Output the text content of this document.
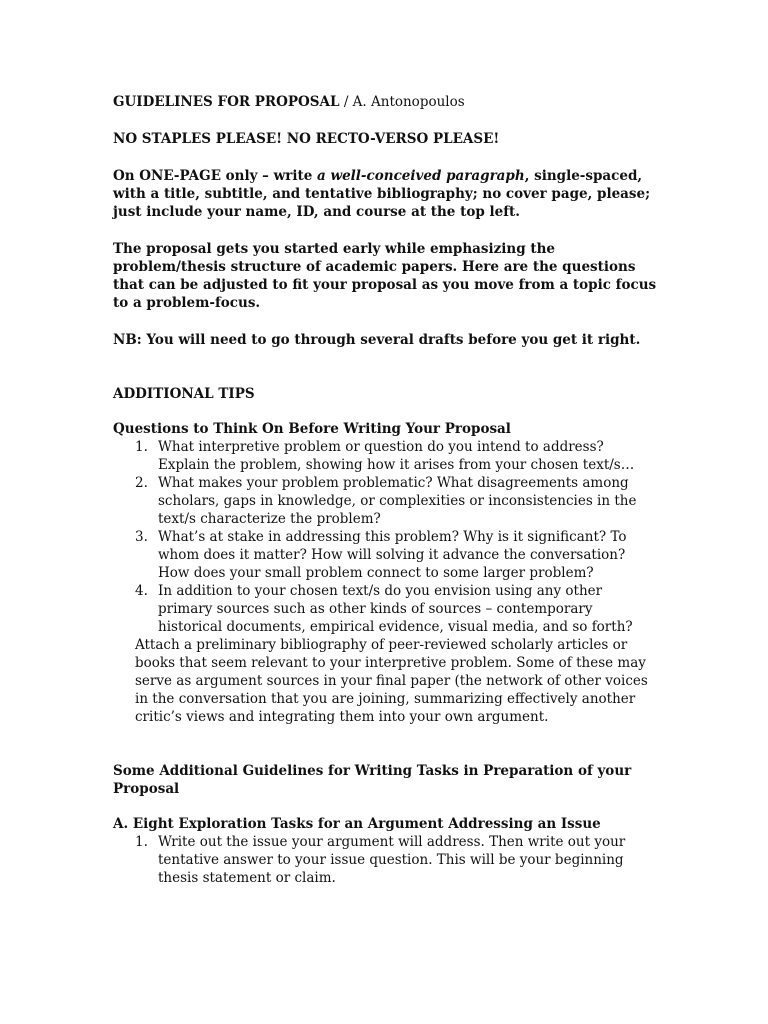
GUIDELINES FOR PROPOSAL / A. Antonopoulos

NO STAPLES PLEASE! NO RECTO-VERSO PLEASE!

On ONE-PAGE only – write a well-conceived paragraph, single-spaced, with a title, subtitle, and tentative bibliography; no cover page, please; just include your name, ID, and course at the top left.

The proposal gets you started early while emphasizing the problem/thesis structure of academic papers. Here are the questions that can be adjusted to fit your proposal as you move from a topic focus to a problem-focus.

NB: You will need to go through several drafts before you get it right.

ADDITIONAL TIPS

Questions to Think On Before Writing Your Proposal

1. What interpretive problem or question do you intend to address? Explain the problem, showing how it arises from your chosen text/s…
2. What makes your problem problematic? What disagreements among scholars, gaps in knowledge, or complexities or inconsistencies in the text/s characterize the problem?
3. What’s at stake in addressing this problem? Why is it significant? To whom does it matter? How will solving it advance the conversation? How does your small problem connect to some larger problem?
4. In addition to your chosen text/s do you envision using any other primary sources such as other kinds of sources – contemporary historical documents, empirical evidence, visual media, and so forth?

Attach a preliminary bibliography of peer-reviewed scholarly articles or books that seem relevant to your interpretive problem. Some of these may serve as argument sources in your final paper (the network of other voices in the conversation that you are joining, summarizing effectively another critic’s views and integrating them into your own argument.

Some Additional Guidelines for Writing Tasks in Preparation of your Proposal

A. Eight Exploration Tasks for an Argument Addressing an Issue

1. Write out the issue your argument will address. Then write out your tentative answer to your issue question. This will be your beginning thesis statement or claim.
